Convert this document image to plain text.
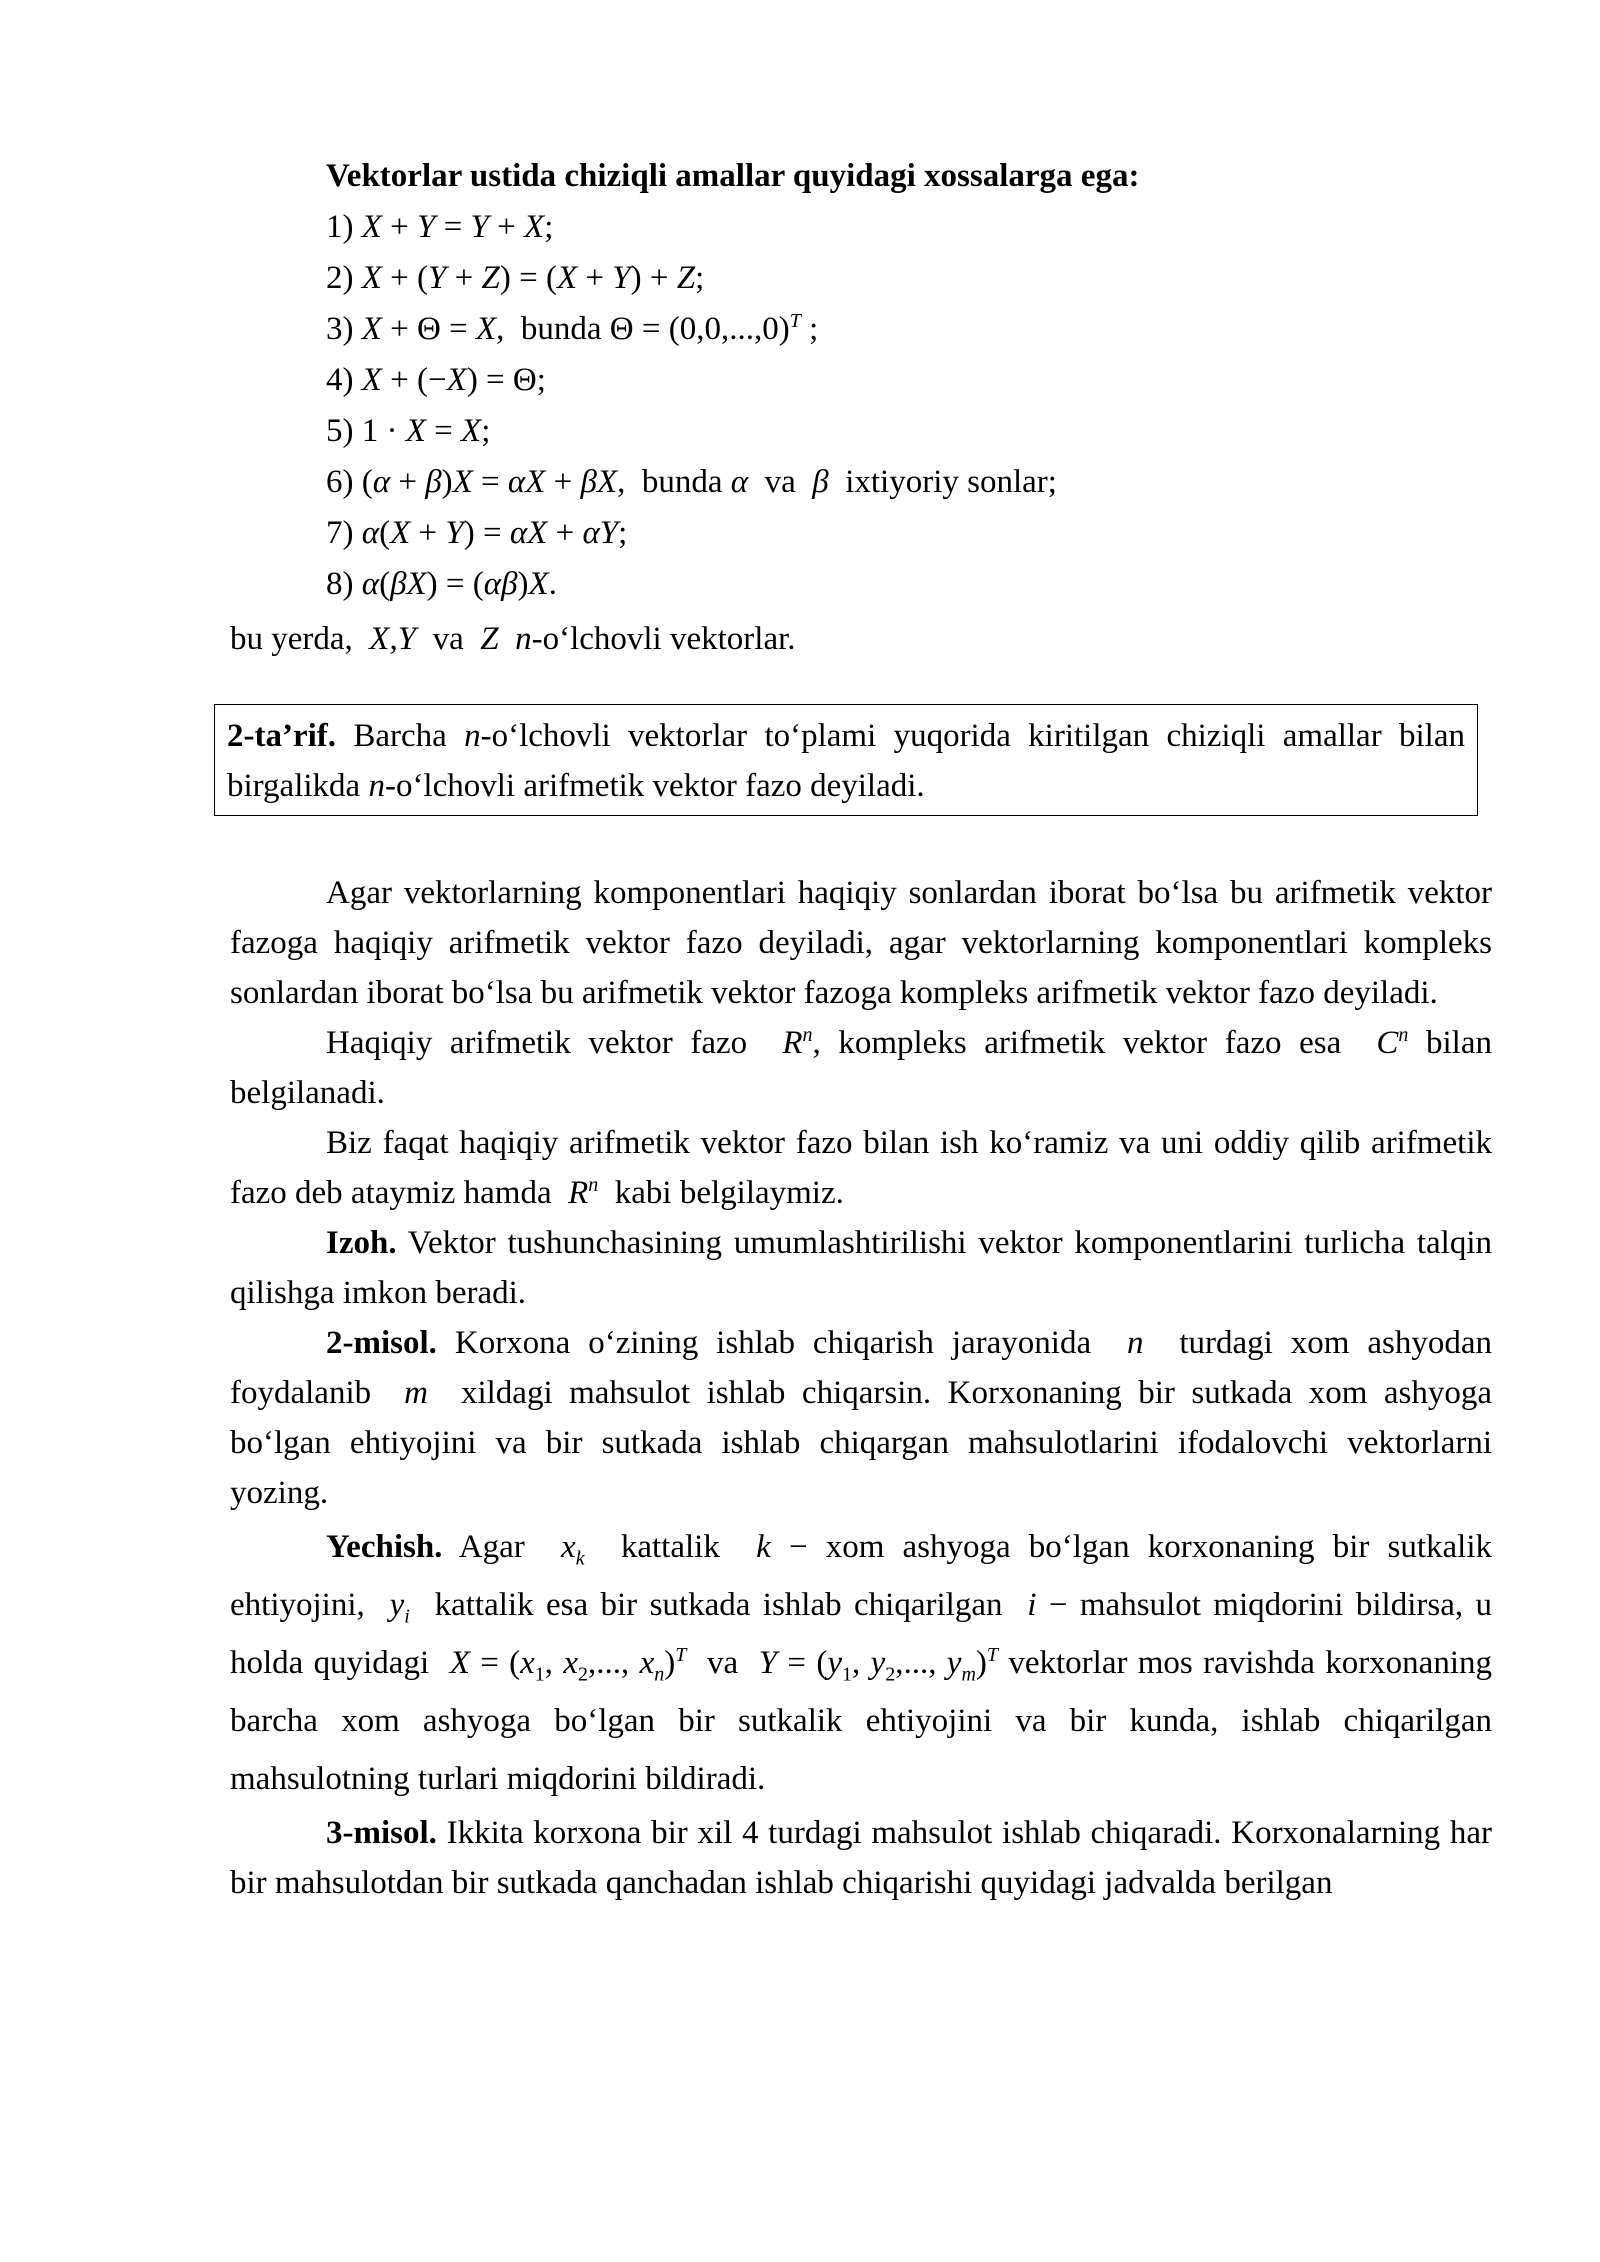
Vektorlar ustida chiziqli amallar quyidagi xossalarga ega:
1) X + Y = Y + X;
2) X + (Y + Z) = (X + Y) + Z;
3) X + Θ = X,  bunda $\Theta = (0,0,...,0)^T$ ;
4) X + (−X) = Θ;
5) 1 · X = X;
6) (α + β)X = αX + βX,  bunda α  va  β  ixtiyoriy sonlar;
7) α(X + Y) = αX + αY;
8) α(βX) = (αβ)X.
bu yerda,  X,Y  va  Z n-o‘lchovli vektorlar.
2-ta’rif. Barcha n-o‘lchovli vektorlar to‘plami yuqorida kiritilgan chiziqli amallar bilan birgalikda n-o‘lchovli arifmetik vektor fazo deyiladi.

Agar vektorlarning komponentlari haqiqiy sonlardan iborat bo‘lsa bu arifmetik vektor fazoga haqiqiy arifmetik vektor fazo deyiladi, agar vektorlarning komponentlari kompleks sonlardan iborat bo‘lsa bu arifmetik vektor fazoga kompleks arifmetik vektor fazo deyiladi.

Haqiqiy arifmetik vektor fazo  $R^n$, kompleks arifmetik vektor fazo esa  $C^n$ bilan belgilanadi.

Biz faqat haqiqiy arifmetik vektor fazo bilan ish ko‘ramiz va uni oddiy qilib arifmetik fazo deb ataymiz hamda  $R^n$  kabi belgilaymiz.

Izoh. Vektor tushunchasining umumlashtirilishi vektor komponentlarini turlicha talqin qilishga imkon beradi.

2-misol. Korxona o‘zining ishlab chiqarish jarayonida  n  turdagi xom ashyodan foydalanib  m  xildagi mahsulot ishlab chiqarsin. Korxonaning bir sutkada xom ashyoga bo‘lgan ehtiyojini va bir sutkada ishlab chiqargan mahsulotlarini ifodalovchi vektorlarni yozing.

Yechish. Agar  $x_k$  kattalik  k − xom ashyoga bo‘lgan korxonaning bir sutkalik ehtiyojini,  $y_i$  kattalik esa bir sutkada ishlab chiqarilgan  i − mahsulot miqdorini bildirsa, u holda quyidagi  $X = (x_1$, $x_2$,..., $x_n)^T$  va  $Y = (y_1$, $y_2$,..., $y_m)^T$ vektorlar mos ravishda korxonaning barcha xom ashyoga bo‘lgan bir sutkalik ehtiyojini va bir kunda, ishlab chiqarilgan mahsulotning turlari miqdorini bildiradi.

3-misol. Ikkita korxona bir xil 4 turdagi mahsulot ishlab chiqaradi. Korxonalarning har bir mahsulotdan bir sutkada qanchadan ishlab chiqarishi quyidagi jadvalda berilgan
